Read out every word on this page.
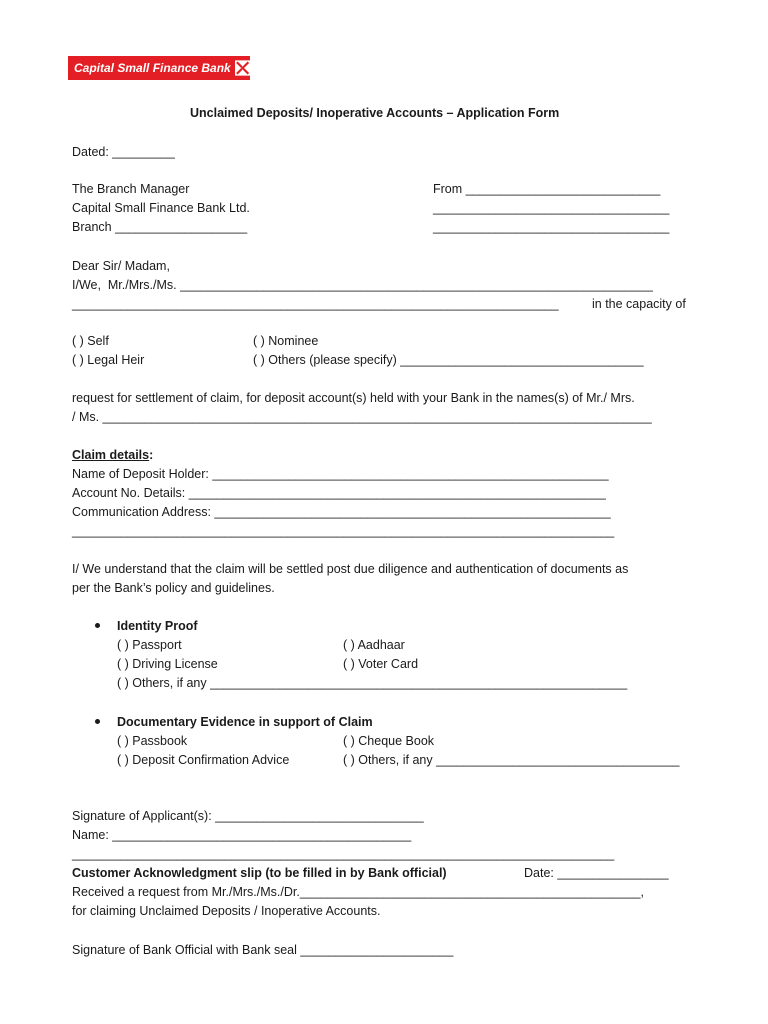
Capital Small Finance Bank
Unclaimed Deposits/ Inoperative Accounts – Application Form
Dated: _________
The Branch Manager
Capital Small Finance Bank Ltd.
Branch ___________________
From ____________________________
__________________________________
__________________________________
Dear Sir/ Madam,
I/We,  Mr./Mrs./Ms. ____________________________________________________________________
______________________________________________________________________	in the capacity of
( ) Self	( ) Nominee
( ) Legal Heir	( ) Others (please specify) ___________________________________
request for settlement of claim, for deposit account(s) held with your Bank in the names(s) of Mr./ Mrs.
/ Ms. _______________________________________________________________________________
Claim details:
Name of Deposit Holder: _________________________________________________________
Account No. Details: ____________________________________________________________
Communication Address: _________________________________________________________
______________________________________________________________________________
I/ We understand that the claim will be settled post due diligence and authentication of documents as
per the Bank’s policy and guidelines.
Identity Proof
( ) Passport	( ) Aadhaar
( ) Driving License	( ) Voter Card
( ) Others, if any ____________________________________________________________
Documentary Evidence in support of Claim
( ) Passbook	( ) Cheque Book
( ) Deposit Confirmation Advice	( ) Others, if any ___________________________________
Signature of Applicant(s): ______________________________
Name: ___________________________________________
______________________________________________________________________________
Customer Acknowledgment slip (to be filled in by Bank official)	Date: ________________
Received a request from Mr./Mrs./Ms./Dr._________________________________________________,
for claiming Unclaimed Deposits / Inoperative Accounts.
Signature of Bank Official with Bank seal ______________________
